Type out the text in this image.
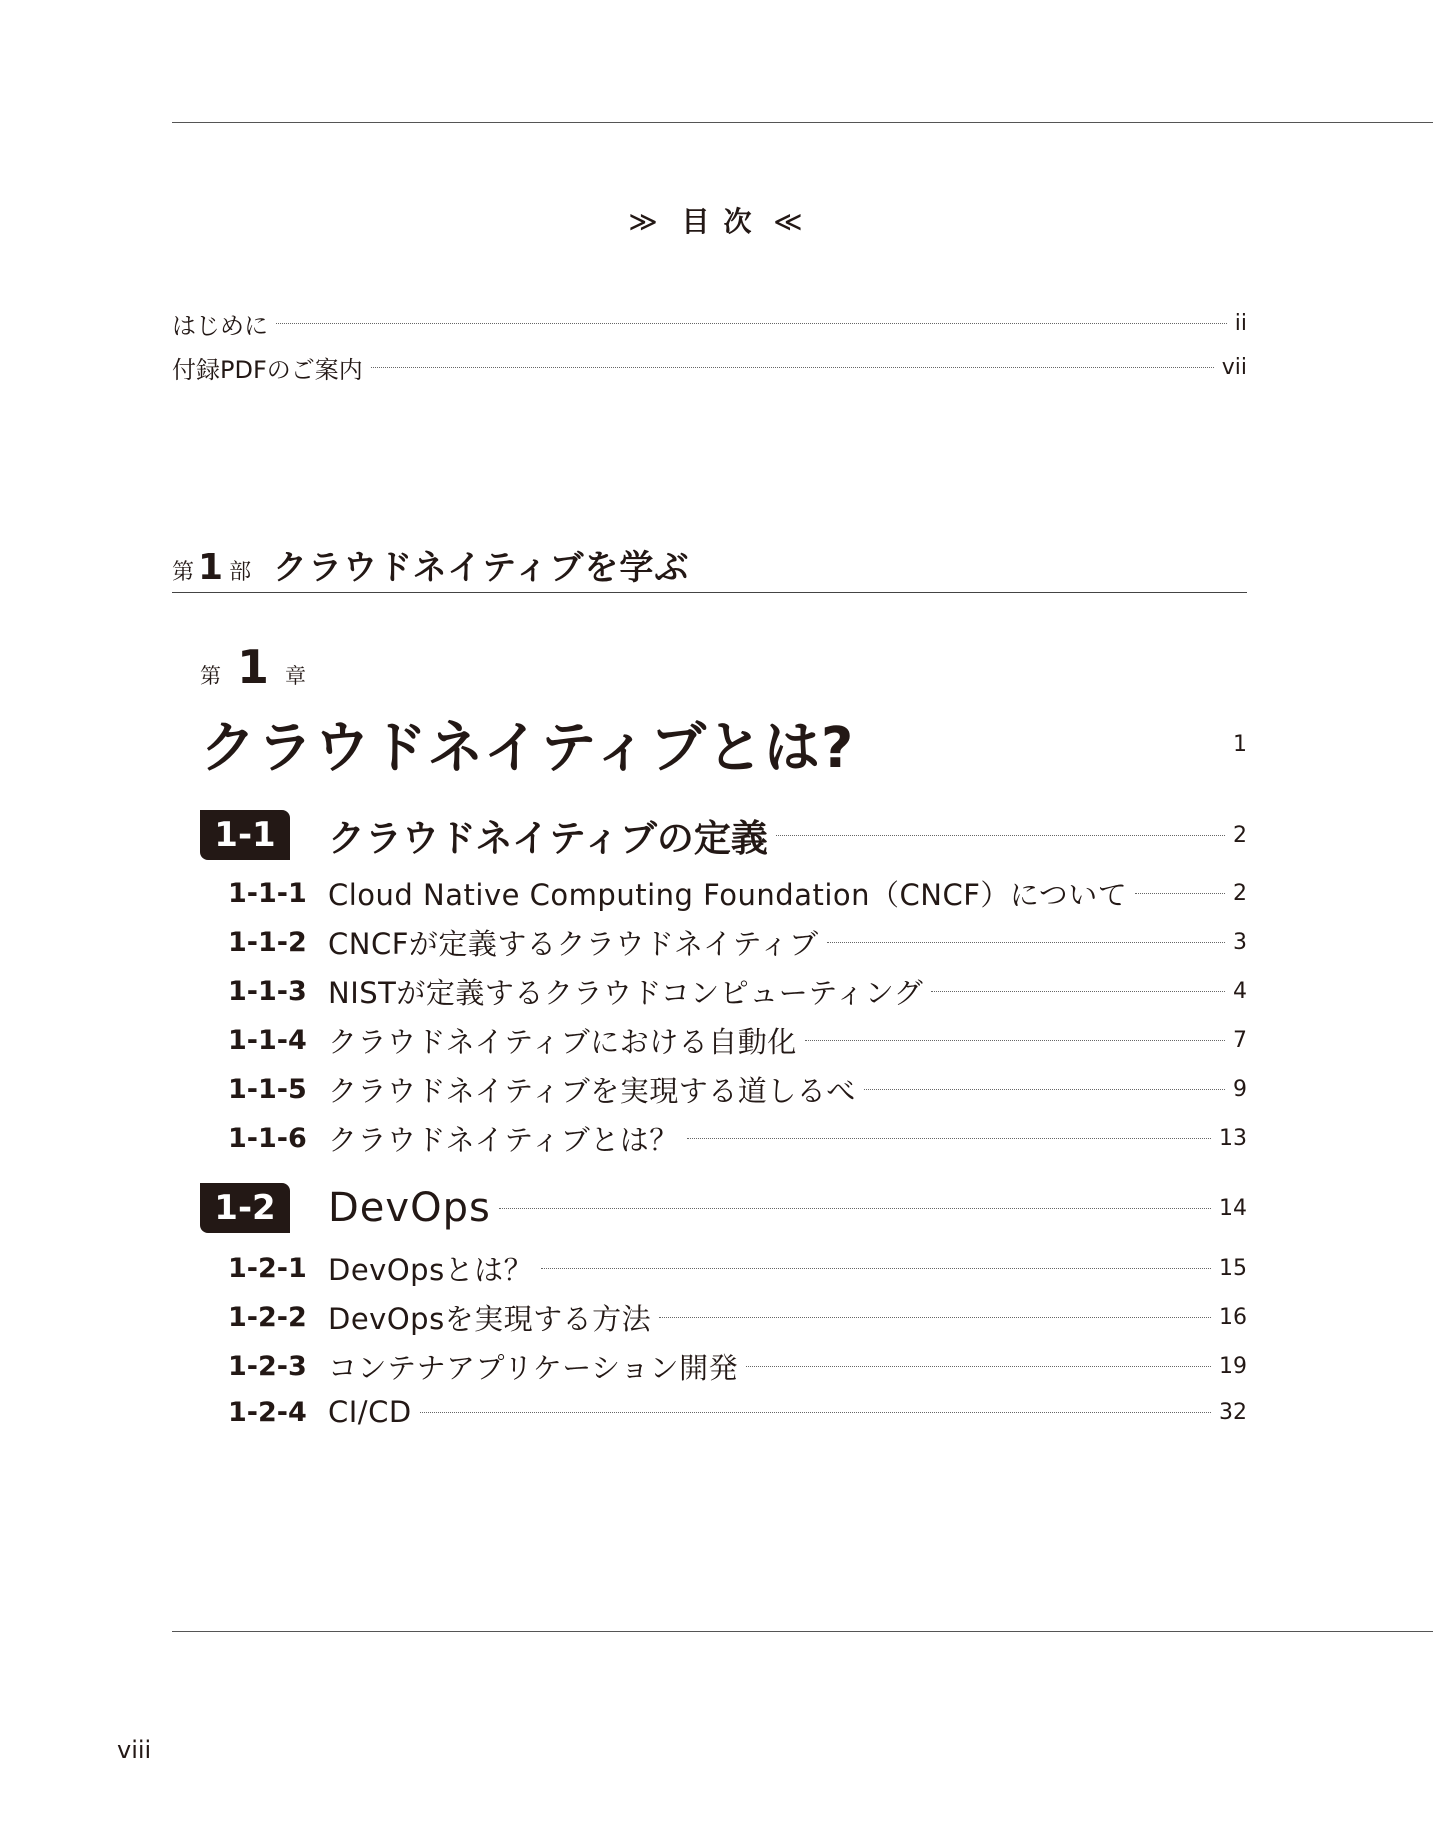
≫ 目次 ≪
はじめに	ii
付録PDFのご案内	vii
第 1 部 クラウドネイティブを学ぶ
第 1 章
クラウドネイティブとは?	1
1-1	クラウドネイティブの定義	2
1-1-1 Cloud Native Computing Foundation（CNCF）について	2
1-1-2 CNCFが定義するクラウドネイティブ	3
1-1-3 NISTが定義するクラウドコンピューティング	4
1-1-4 クラウドネイティブにおける自動化	7
1-1-5 クラウドネイティブを実現する道しるべ	9
1-1-6 クラウドネイティブとは？	13
1-2	DevOps	14
1-2-1 DevOpsとは？	15
1-2-2 DevOpsを実現する方法	16
1-2-3 コンテナアプリケーション開発	19
1-2-4 CI/CD	32
viii
